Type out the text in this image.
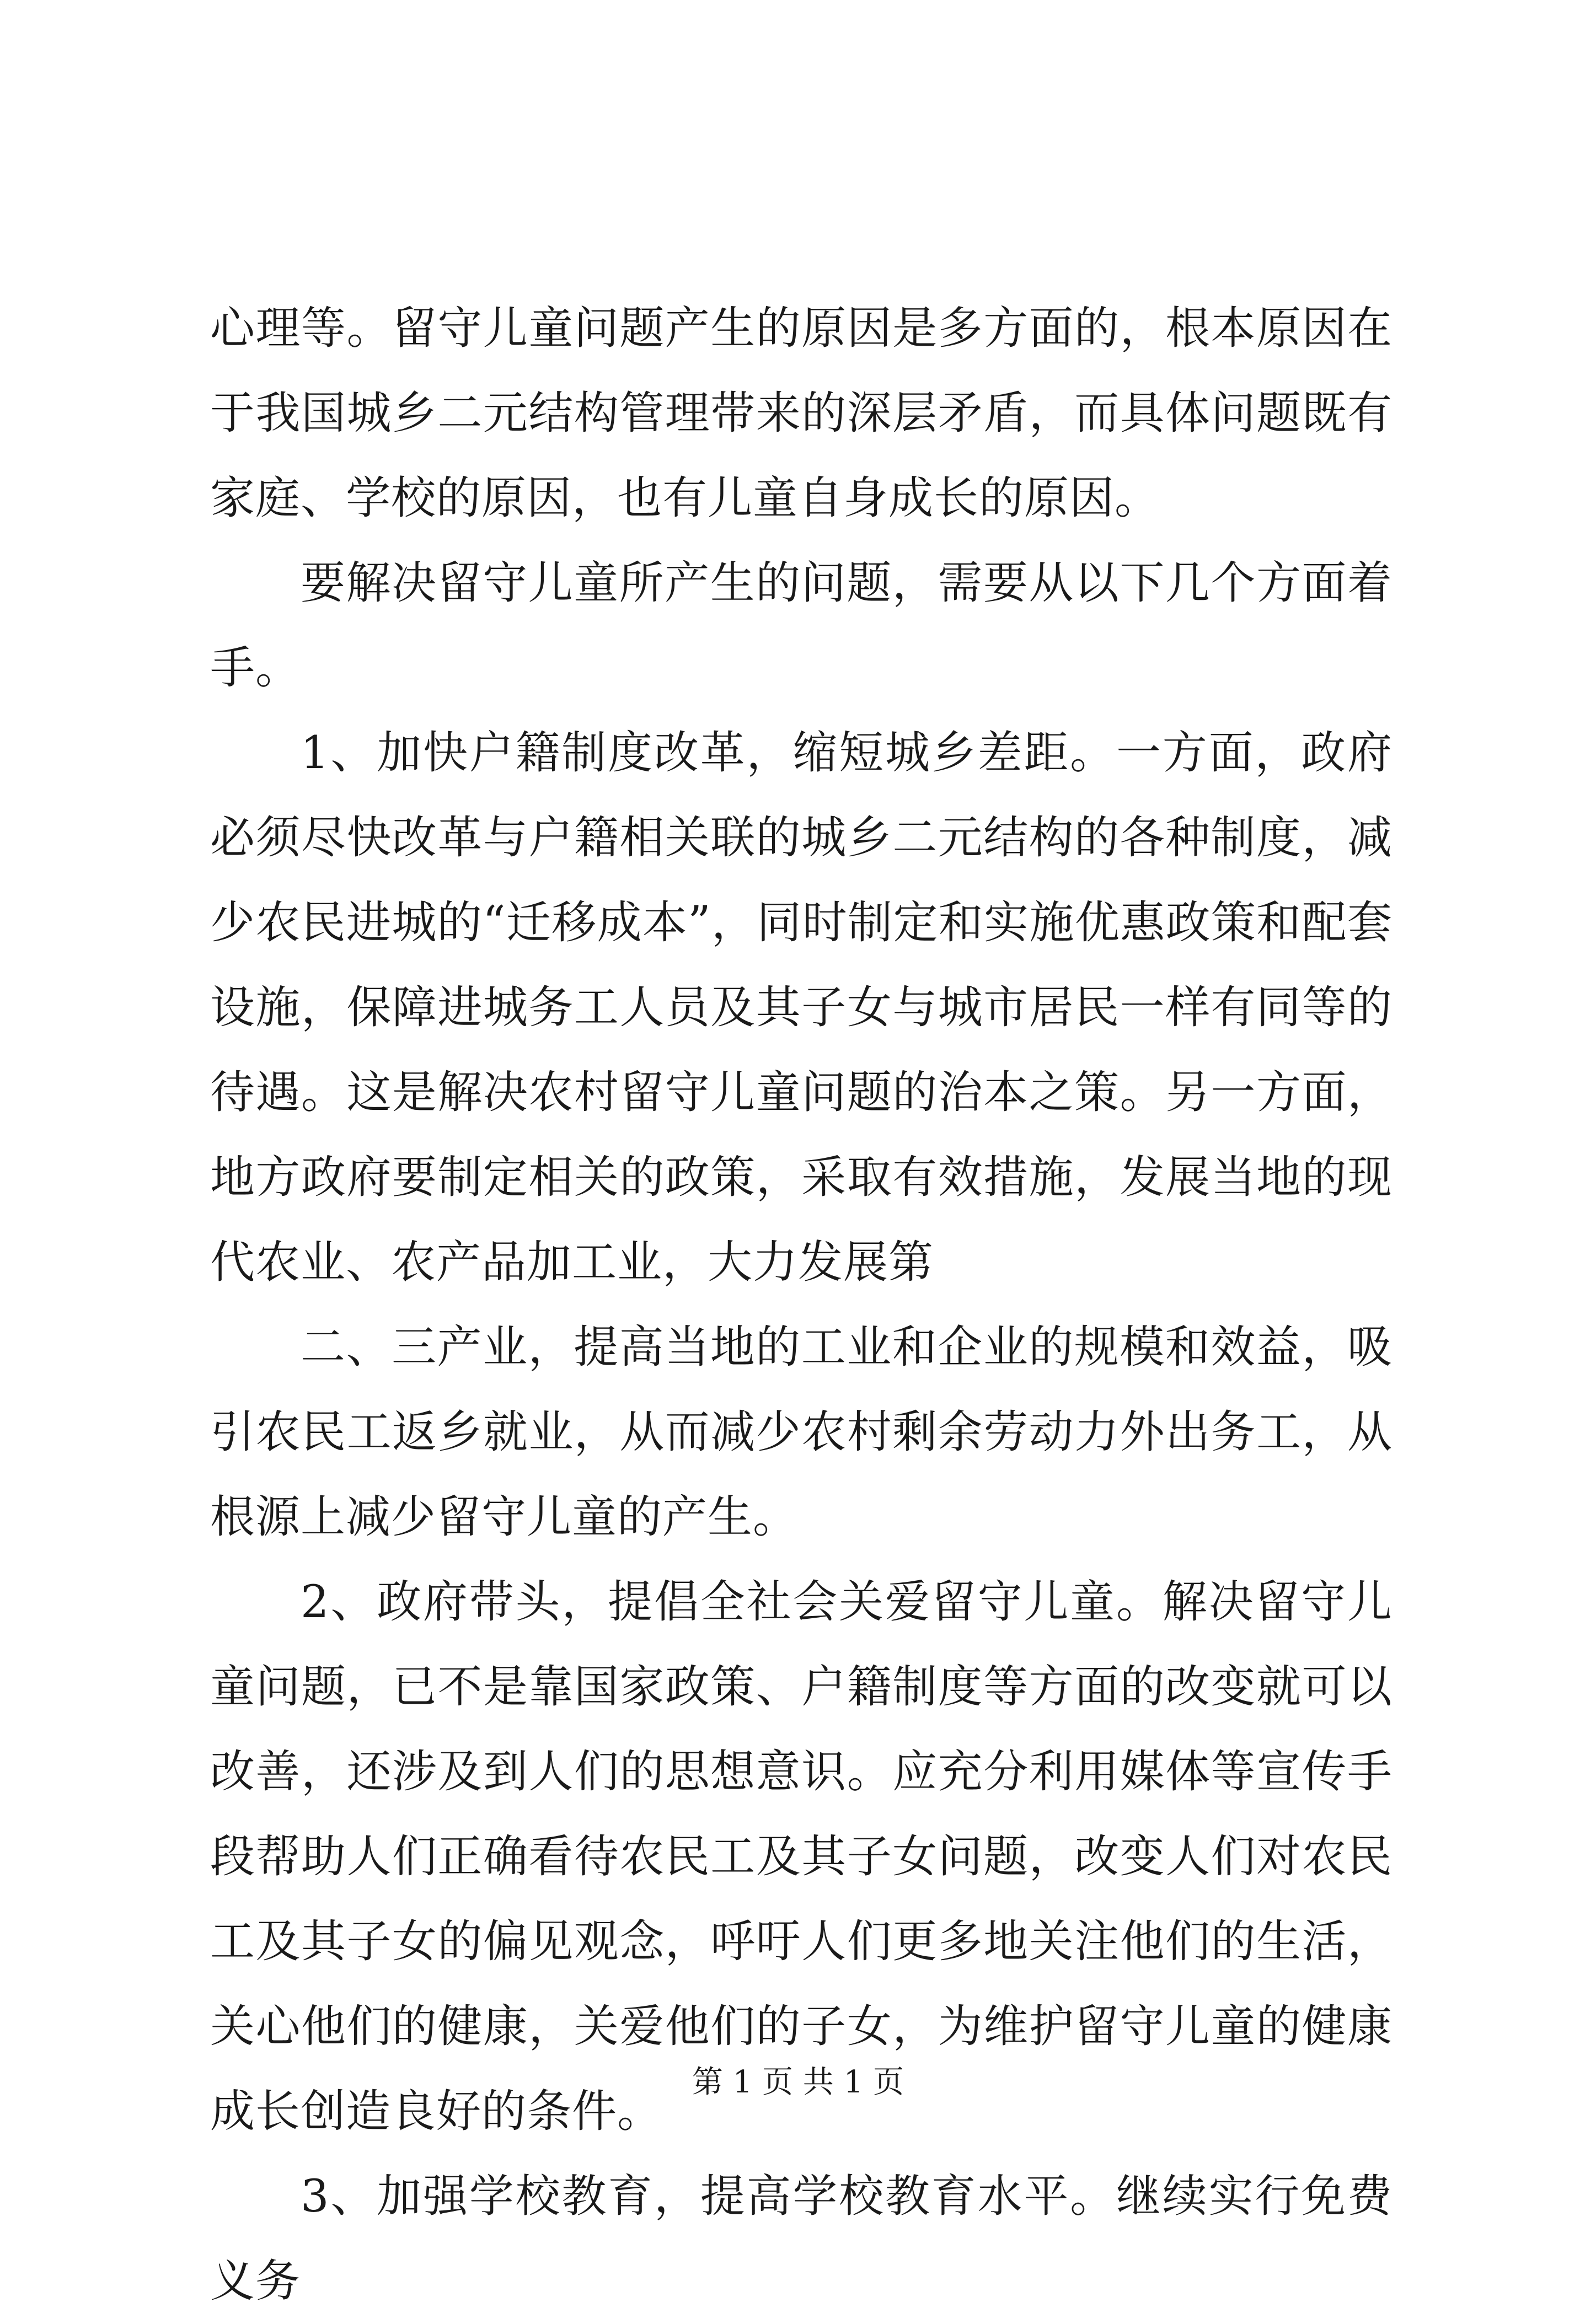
心理等。留守儿童问题产生的原因是多方面的，根本原因在于我国城乡二元结构管理带来的深层矛盾，而具体问题既有家庭、学校的原因，也有儿童自身成长的原因。

要解决留守儿童所产生的问题，需要从以下几个方面着手。

1、加快户籍制度改革，缩短城乡差距。一方面，政府必须尽快改革与户籍相关联的城乡二元结构的各种制度，减少农民进城的“迁移成本”，同时制定和实施优惠政策和配套设施，保障进城务工人员及其子女与城市居民一样有同等的待遇。这是解决农村留守儿童问题的治本之策。另一方面，地方政府要制定相关的政策，采取有效措施，发展当地的现代农业、农产品加工业，大力发展第

二、三产业，提高当地的工业和企业的规模和效益，吸引农民工返乡就业，从而减少农村剩余劳动力外出务工，从根源上减少留守儿童的产生。

2、政府带头，提倡全社会关爱留守儿童。解决留守儿童问题，已不是靠国家政策、户籍制度等方面的改变就可以改善，还涉及到人们的思想意识。应充分利用媒体等宣传手段帮助人们正确看待农民工及其子女问题，改变人们对农民工及其子女的偏见观念，呼吁人们更多地关注他们的生活，关心他们的健康，关爱他们的子女，为维护留守儿童的健康成长创造良好的条件。

3、加强学校教育，提高学校教育水平。继续实行免费义务

第 1 页 共 1 页
